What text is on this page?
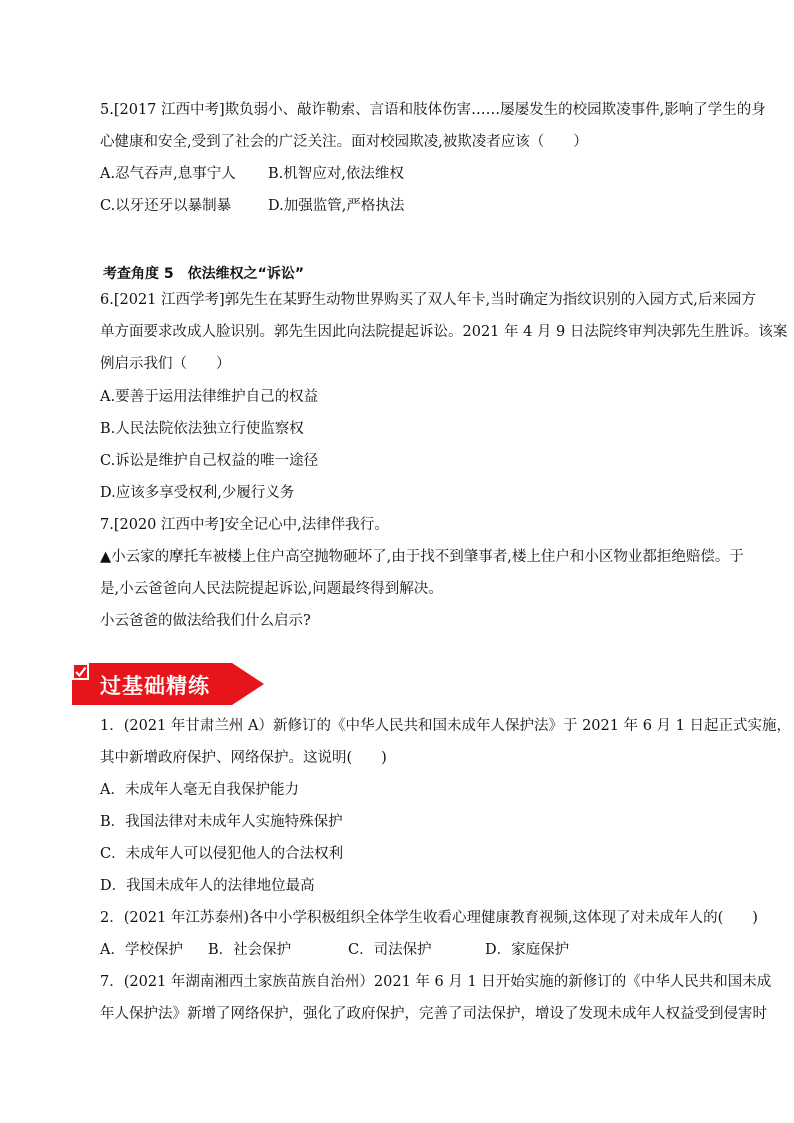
5.[2017 江西中考]欺负弱小、敲诈勒索、言语和肢体伤害……屡屡发生的校园欺凌事件,影响了学生的身
心健康和安全,受到了社会的广泛关注。面对校园欺凌,被欺凌者应该（　　）
A.忍气吞声,息事宁人 B.机智应对,依法维权
C.以牙还牙以暴制暴	D.加强监管,严格执法
考查角度 5　依法维权之“诉讼”
6.[2021 江西学考]郭先生在某野生动物世界购买了双人年卡,当时确定为指纹识别的入园方式,后来园方
单方面要求改成人脸识别。郭先生因此向法院提起诉讼。2021 年 4 月 9 日法院终审判决郭先生胜诉。该案
例启示我们（　　）
A.要善于运用法律维护自己的权益
B.人民法院依法独立行使监察权
C.诉讼是维护自己权益的唯一途径
D.应该多享受权利,少履行义务
7.[2020 江西中考]安全记心中,法律伴我行。
▲小云家的摩托车被楼上住户高空抛物砸坏了,由于找不到肇事者,楼上住户和小区物业都拒绝赔偿。于
是,小云爸爸向人民法院提起诉讼,问题最终得到解决。
小云爸爸的做法给我们什么启示?
过基础精练
1．(2021 年甘肃兰州 A）新修订的《中华人民共和国未成年人保护法》于 2021 年 6 月 1 日起正式实施，
其中新增政府保护、网络保护。这说明(　　)
A．未成年人毫无自我保护能力
B．我国法律对未成年人实施特殊保护
C．未成年人可以侵犯他人的合法权利
D．我国未成年人的法律地位最高
2．(2021 年江苏泰州)各中小学积极组织全体学生收看心理健康教育视频,这体现了对未成年人的(　　)
A．学校保护 B．社会保护	C．司法保护	D．家庭保护
7．(2021 年湖南湘西土家族苗族自治州）2021 年 6 月 1 日开始实施的新修订的《中华人民共和国未成
年人保护法》新增了网络保护，强化了政府保护，完善了司法保护，增设了发现未成年人权益受到侵害时
